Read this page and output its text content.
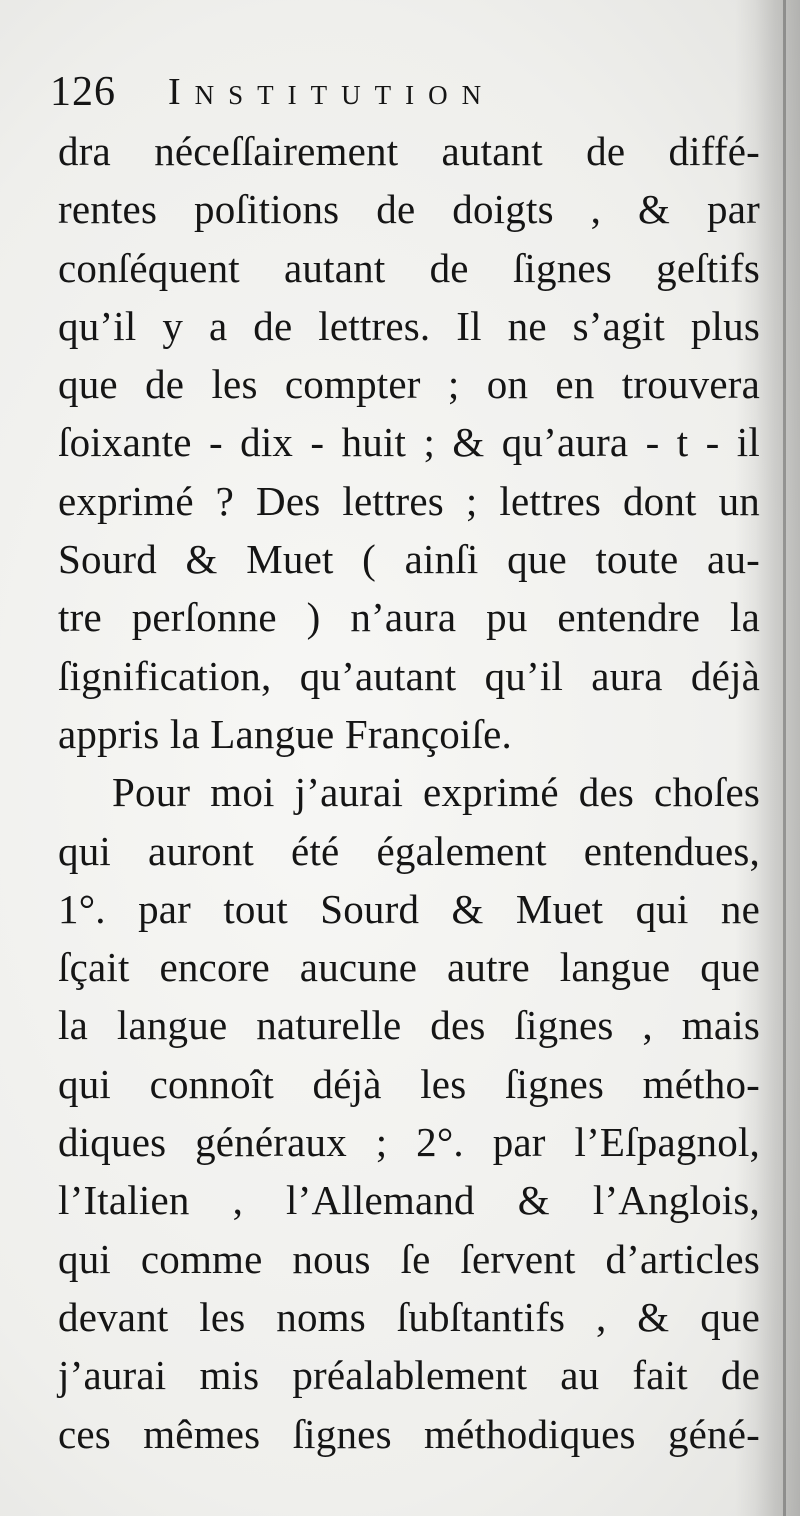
126 Institution
dra néceſſairement autant de diffé-
rentes poſitions de doigts , & par
conſéquent autant de ſignes geſtifs
qu’il y a de lettres. Il ne s’agit plus
que de les compter ; on en trouvera
ſoixante - dix - huit ; & qu’aura - t - il
exprimé ? Des lettres ; lettres dont un
Sourd & Muet ( ainſi que toute au-
tre perſonne ) n’aura pu entendre la
ſignification, qu’autant qu’il aura déjà
appris la Langue Françoiſe.
Pour moi j’aurai exprimé des choſes
qui auront été également entendues,
1°. par tout Sourd & Muet qui ne
ſçait encore aucune autre langue que
la langue naturelle des ſignes , mais
qui connoît déjà les ſignes métho-
diques généraux ; 2°. par l’Eſpagnol,
l’Italien , l’Allemand & l’Anglois,
qui comme nous ſe ſervent d’articles
devant les noms ſubſtantifs , & que
j’aurai mis préalablement au fait de
ces mêmes ſignes méthodiques géné-
